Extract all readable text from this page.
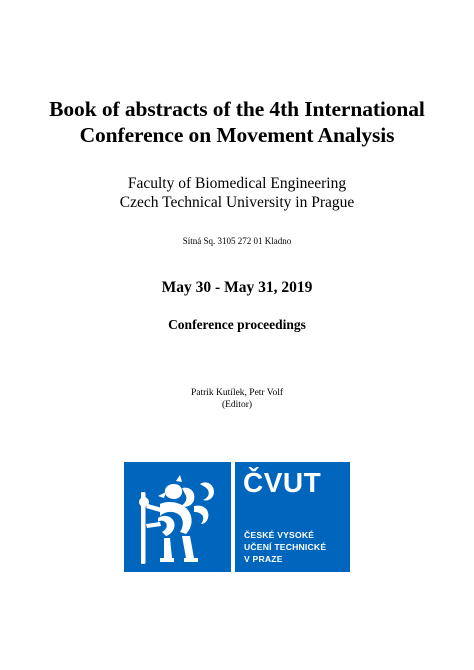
Book of abstracts of the 4th International
Conference on Movement Analysis
Faculty of Biomedical Engineering
Czech Technical University in Prague
Sítná Sq. 3105 272 01 Kladno
May 30 - May 31, 2019
Conference proceedings
Patrik Kutílek, Petr Volf
(Editor)
ČVUT
ČESKÉ VYSOKÉ
UČENÍ TECHNICKÉ
V PRAZE
